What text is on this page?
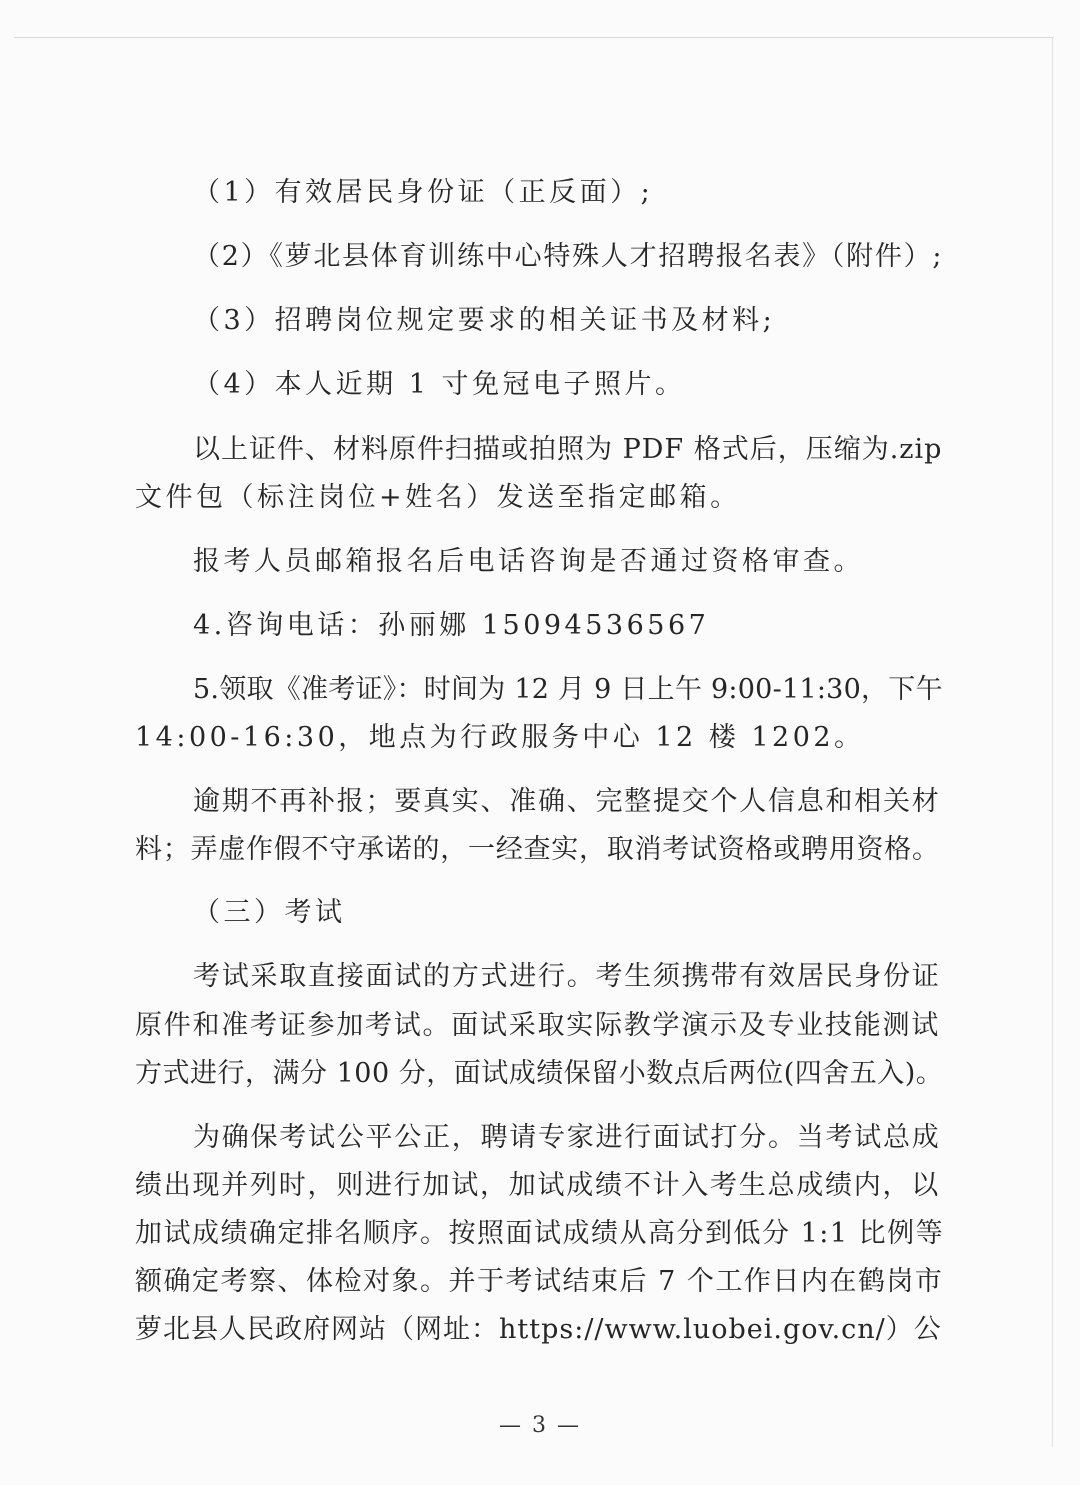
（1）有效居民身份证（正反面）;

（2）《萝北县体育训练中心特殊人才招聘报名表》（附件）;

（3）招聘岗位规定要求的相关证书及材料;

（4）本人近期 1 寸免冠电子照片。

以上证件、材料原件扫描或拍照为 PDF 格式后，压缩为.zip

文件包（标注岗位+姓名）发送至指定邮箱。

报考人员邮箱报名后电话咨询是否通过资格审查。

4.咨询电话：孙丽娜 15094536567

5.领取《准考证》：时间为 12 月 9 日上午 9:00-11:30，下午

14:00-16:30，地点为行政服务中心 12 楼 1202。

逾期不再补报；要真实、准确、完整提交个人信息和相关材

料；弄虚作假不守承诺的，一经查实，取消考试资格或聘用资格。

（三）考试

考试采取直接面试的方式进行。考生须携带有效居民身份证

原件和准考证参加考试。面试采取实际教学演示及专业技能测试

方式进行，满分 100 分，面试成绩保留小数点后两位(四舍五入)。

为确保考试公平公正，聘请专家进行面试打分。当考试总成

绩出现并列时，则进行加试，加试成绩不计入考生总成绩内，以

加试成绩确定排名顺序。按照面试成绩从高分到低分 1:1 比例等

额确定考察、体检对象。并于考试结束后 7 个工作日内在鹤岗市

萝北县人民政府网站（网址：https://www.luobei.gov.cn/）公

— 3 —
